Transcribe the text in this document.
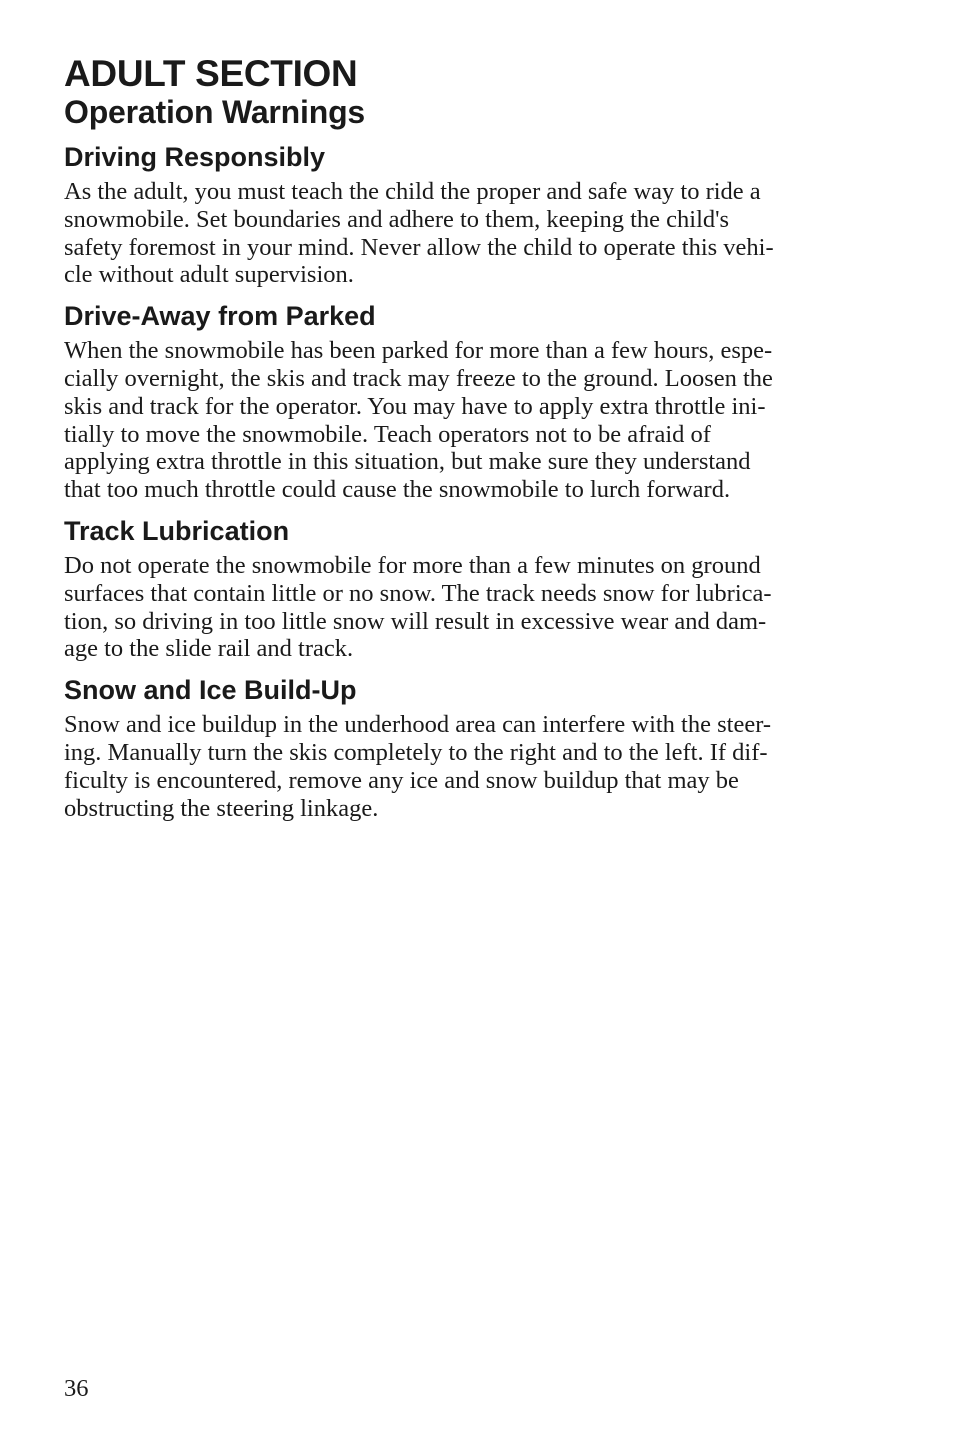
ADULT SECTION
Operation Warnings
Driving Responsibly

As the adult, you must teach the child the proper and safe way to ride a
snowmobile. Set boundaries and adhere to them, keeping the child's
safety foremost in your mind. Never allow the child to operate this vehi-
cle without adult supervision.

Drive-Away from Parked

When the snowmobile has been parked for more than a few hours, espe-
cially overnight, the skis and track may freeze to the ground. Loosen the
skis and track for the operator. You may have to apply extra throttle ini-
tially to move the snowmobile. Teach operators not to be afraid of
applying extra throttle in this situation, but make sure they understand
that too much throttle could cause the snowmobile to lurch forward.

Track Lubrication

Do not operate the snowmobile for more than a few minutes on ground
surfaces that contain little or no snow. The track needs snow for lubrica-
tion, so driving in too little snow will result in excessive wear and dam-
age to the slide rail and track.

Snow and Ice Build-Up

Snow and ice buildup in the underhood area can interfere with the steer-
ing. Manually turn the skis completely to the right and to the left. If dif-
ficulty is encountered, remove any ice and snow buildup that may be
obstructing the steering linkage.

36
